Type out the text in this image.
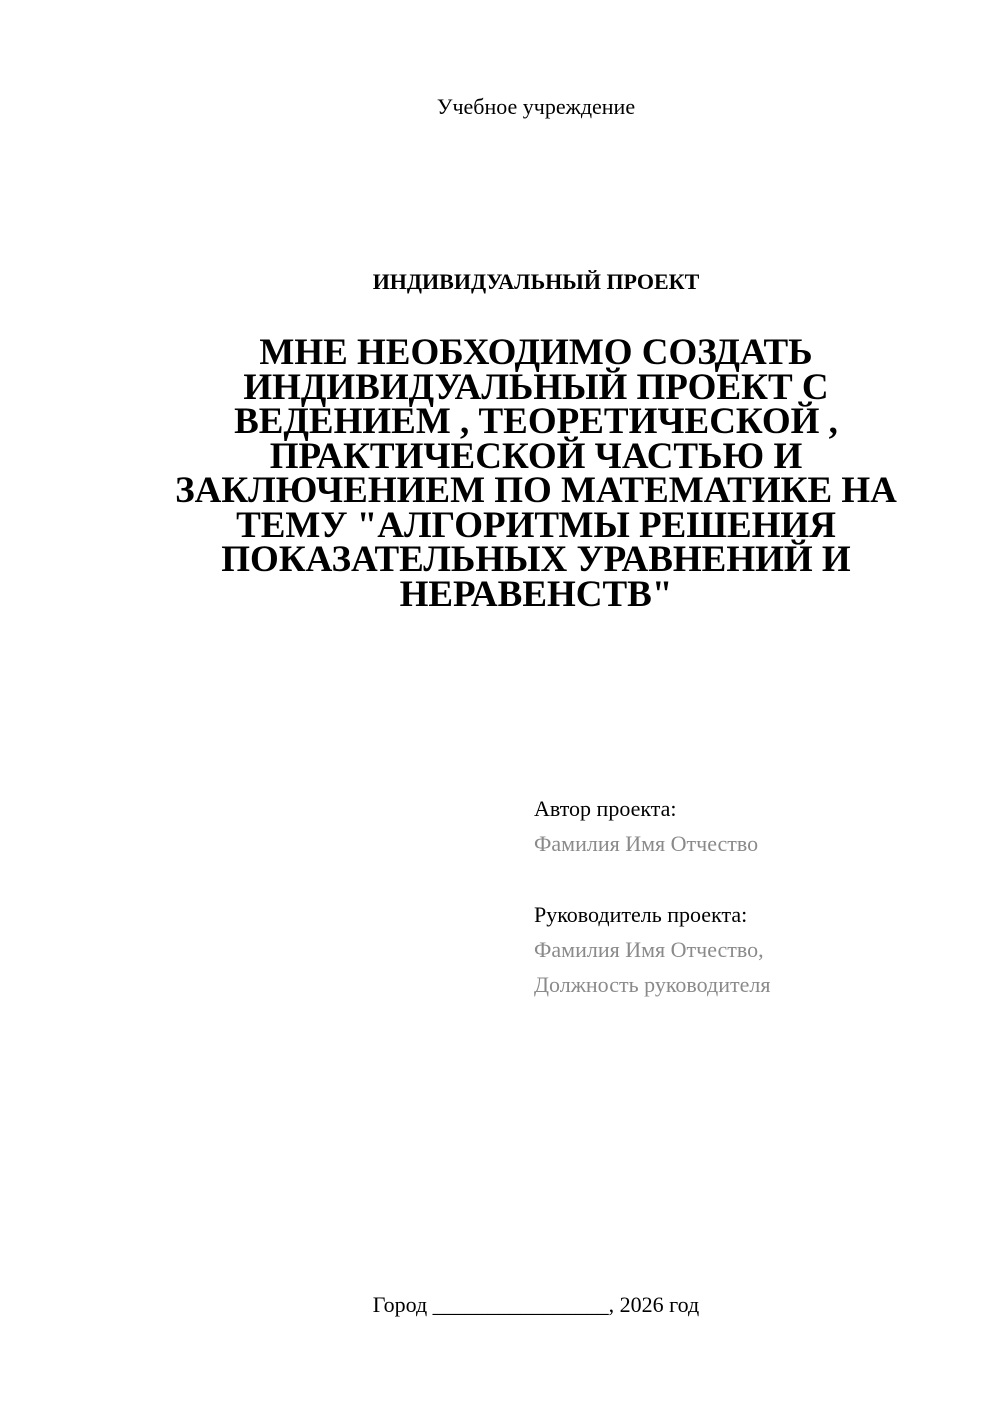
Учебное учреждение
ИНДИВИДУАЛЬНЫЙ ПРОЕКТ
МНЕ НЕОБХОДИМО СОЗДАТЬ ИНДИВИДУАЛЬНЫЙ ПРОЕКТ С ВЕДЕНИЕМ , ТЕОРЕТИЧЕСКОЙ , ПРАКТИЧЕСКОЙ ЧАСТЬЮ И ЗАКЛЮЧЕНИЕМ ПО МАТЕМАТИКЕ НА ТЕМУ "АЛГОРИТМЫ РЕШЕНИЯ ПОКАЗАТЕЛЬНЫХ УРАВНЕНИЙ И НЕРАВЕНСТВ"
Автор проекта:
Фамилия Имя Отчество
Руководитель проекта:
Фамилия Имя Отчество,
Должность руководителя
Город ________________, 2026 год
